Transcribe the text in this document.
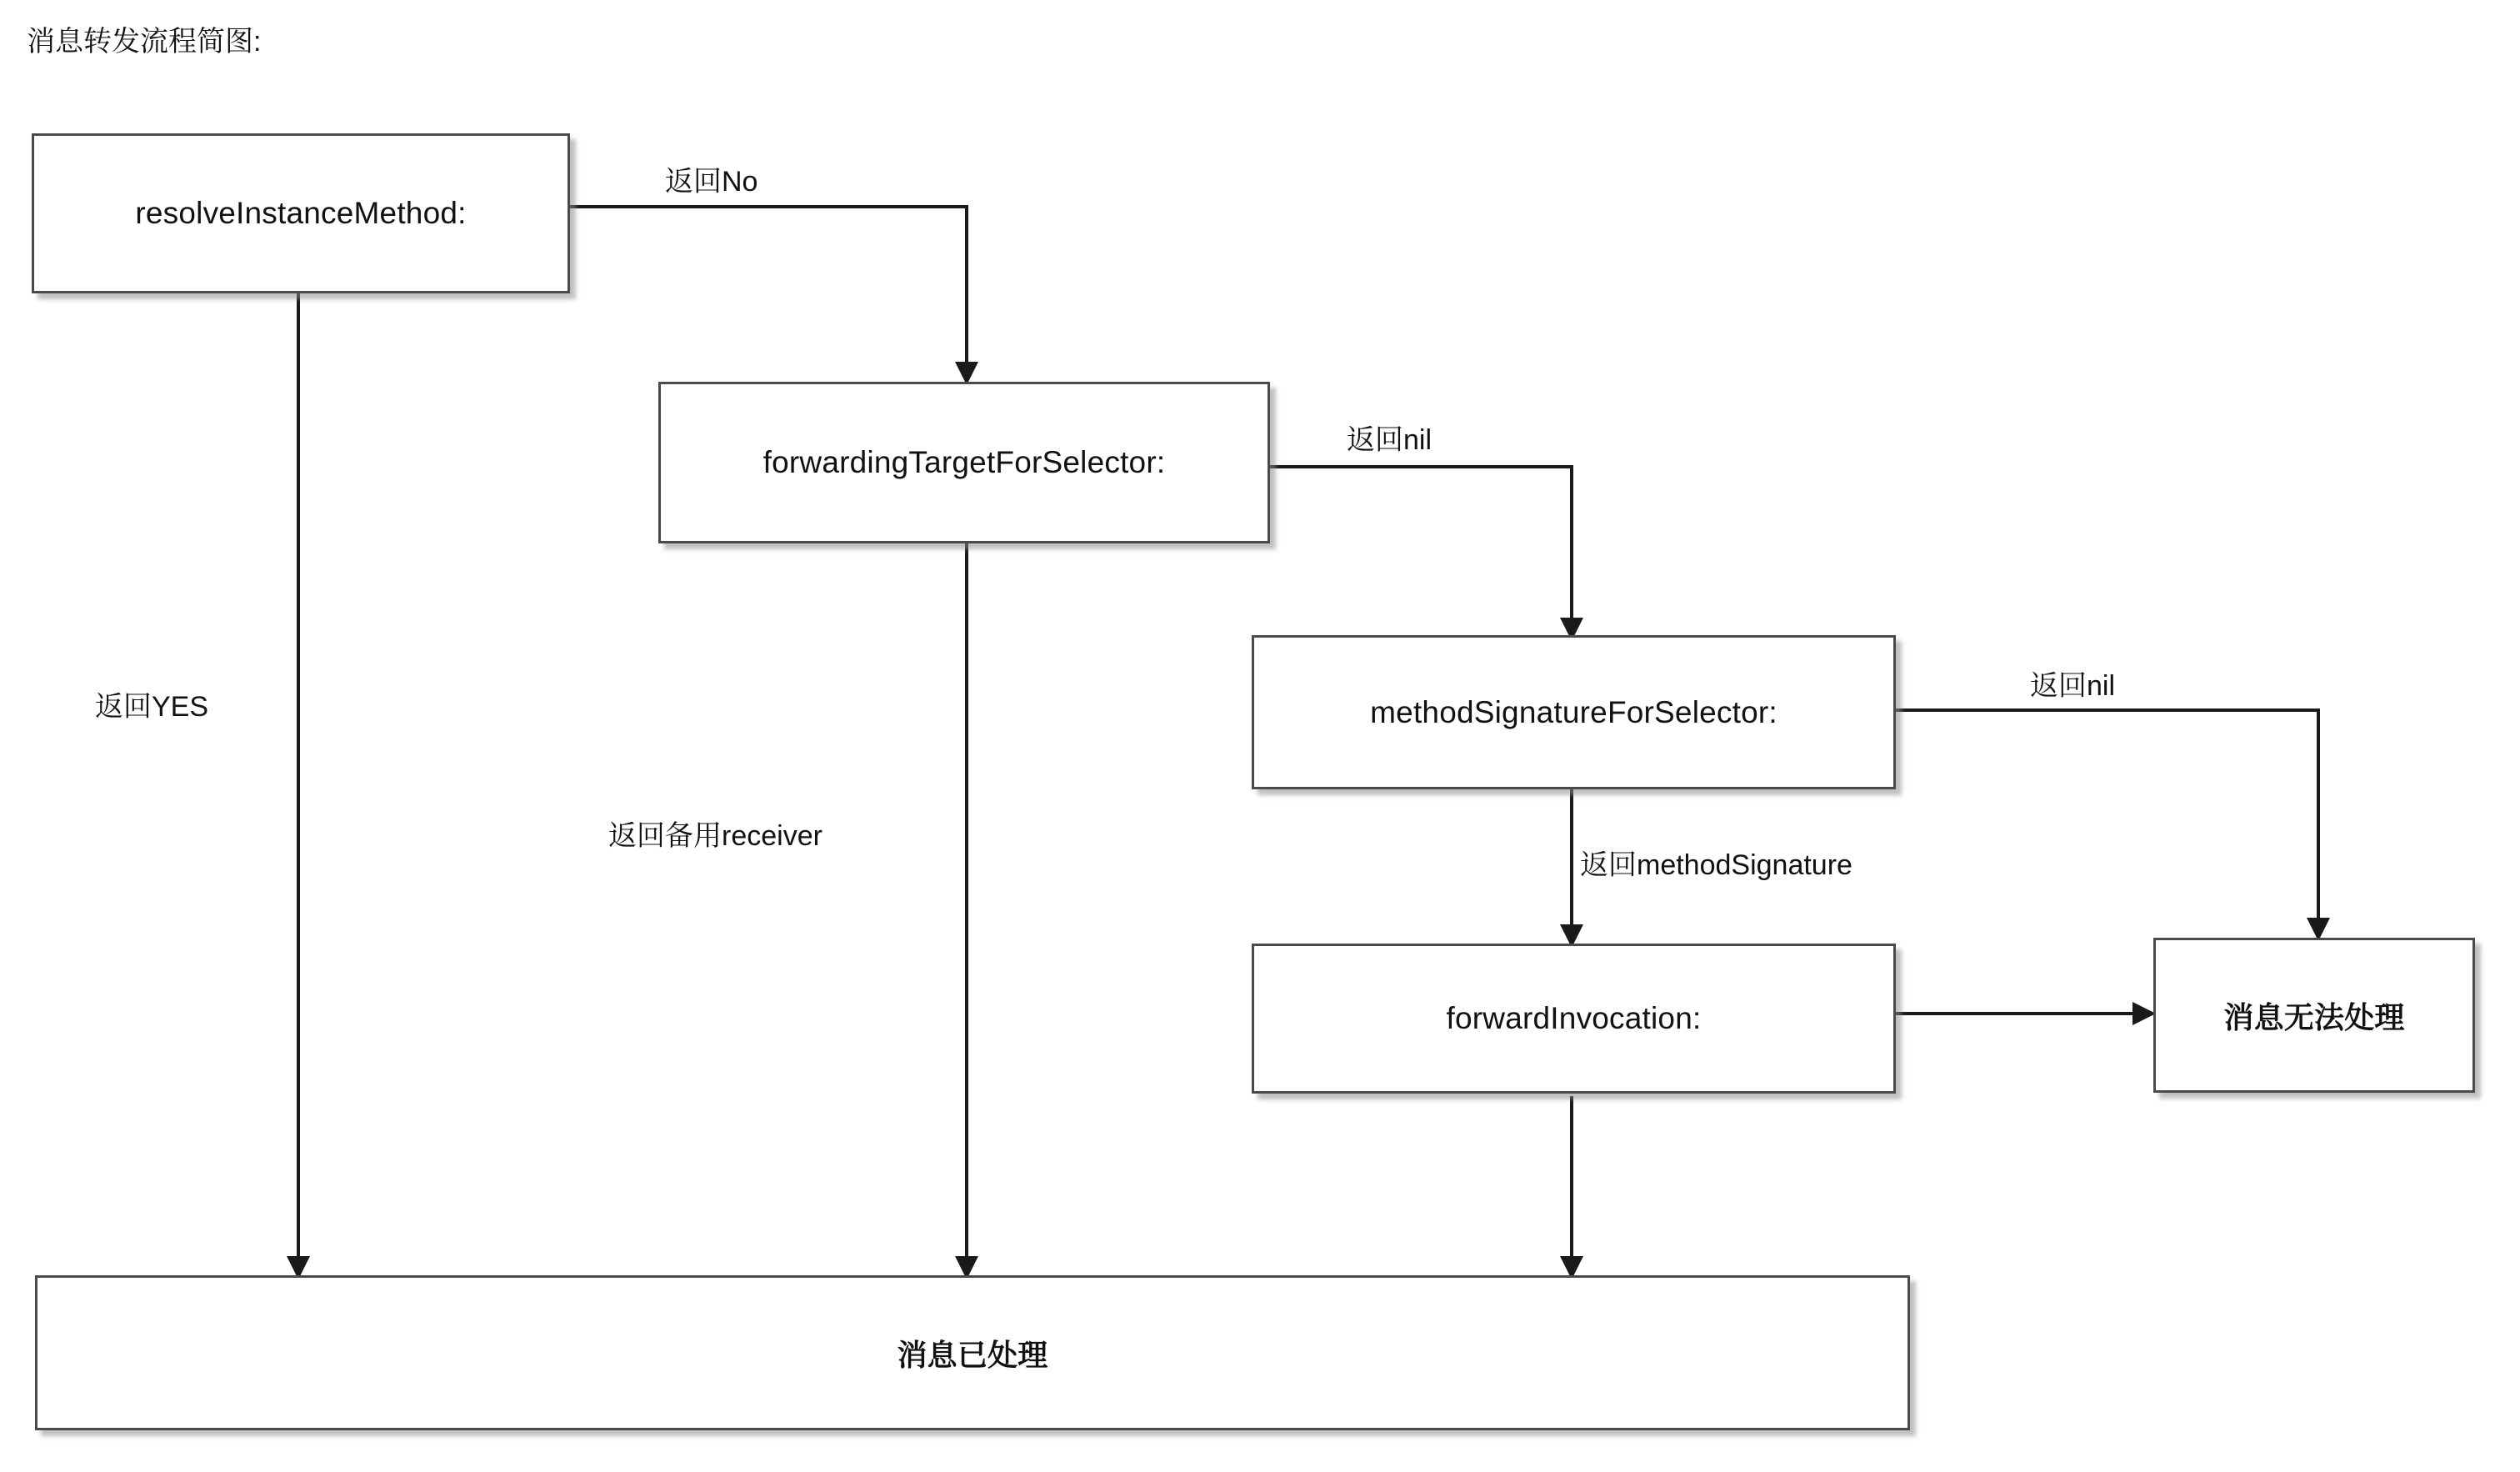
消息转发流程简图:
resolveInstanceMethod:
forwardingTargetForSelector:
methodSignatureForSelector:
forwardInvocation:	消息无法处理
消息已处理
返回No
返回nil
返回nil
返回YES
返回备用receiver
返回methodSignature
